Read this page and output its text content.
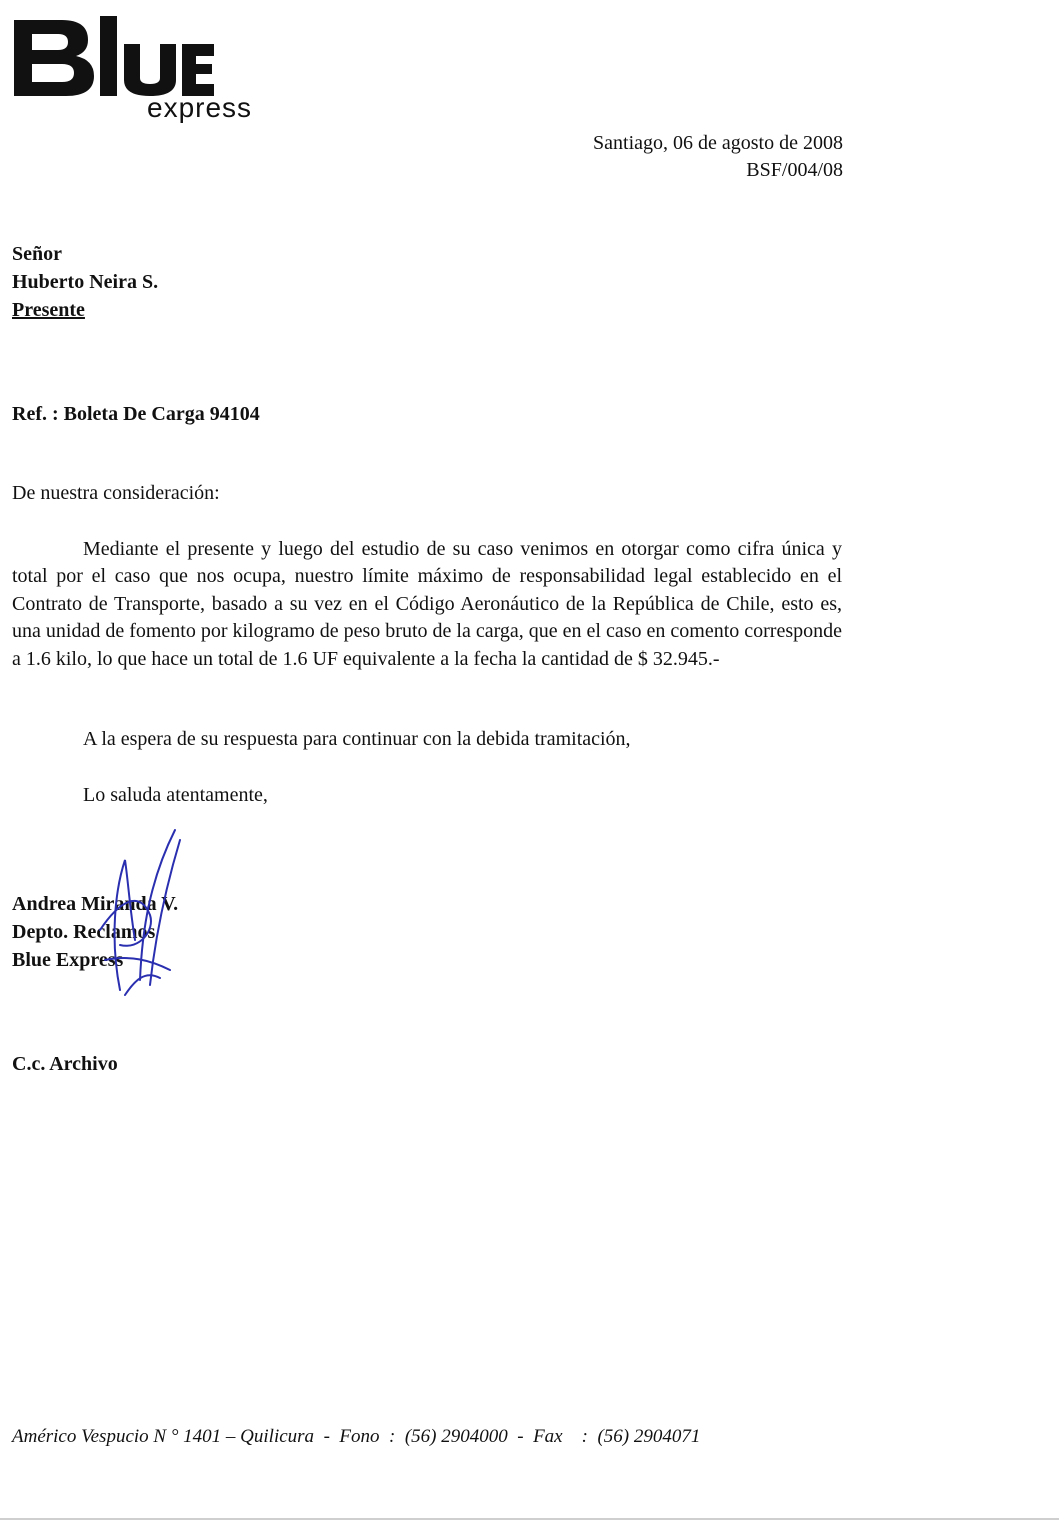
Blue
express
Santiago, 06 de agosto de 2008
BSF/004/08
Señor
Huberto Neira S.
Presente
Ref. : Boleta De Carga 94104
De nuestra consideración:
Mediante el presente y luego del estudio de su caso venimos en otorgar como cifra única y total por el caso que nos ocupa, nuestro límite máximo de responsabilidad legal establecido en el Contrato de Transporte, basado a su vez en el Código Aeronáutico de la República de Chile, esto es, una unidad de fomento por kilogramo de peso bruto de la carga, que en el caso en comento corresponde a 1.6 kilo, lo que hace un total de 1.6 UF equivalente a la fecha la cantidad de $ 32.945.-
A la espera de su respuesta para continuar con la debida tramitación,
Lo saluda atentamente,
Andrea Miranda V.
Depto. Reclamos
Blue Express
C.c. Archivo
Américo Vespucio N ° 1401 – Quilicura  -  Fono  :  (56) 2904000  -  Fax    :  (56) 2904071
